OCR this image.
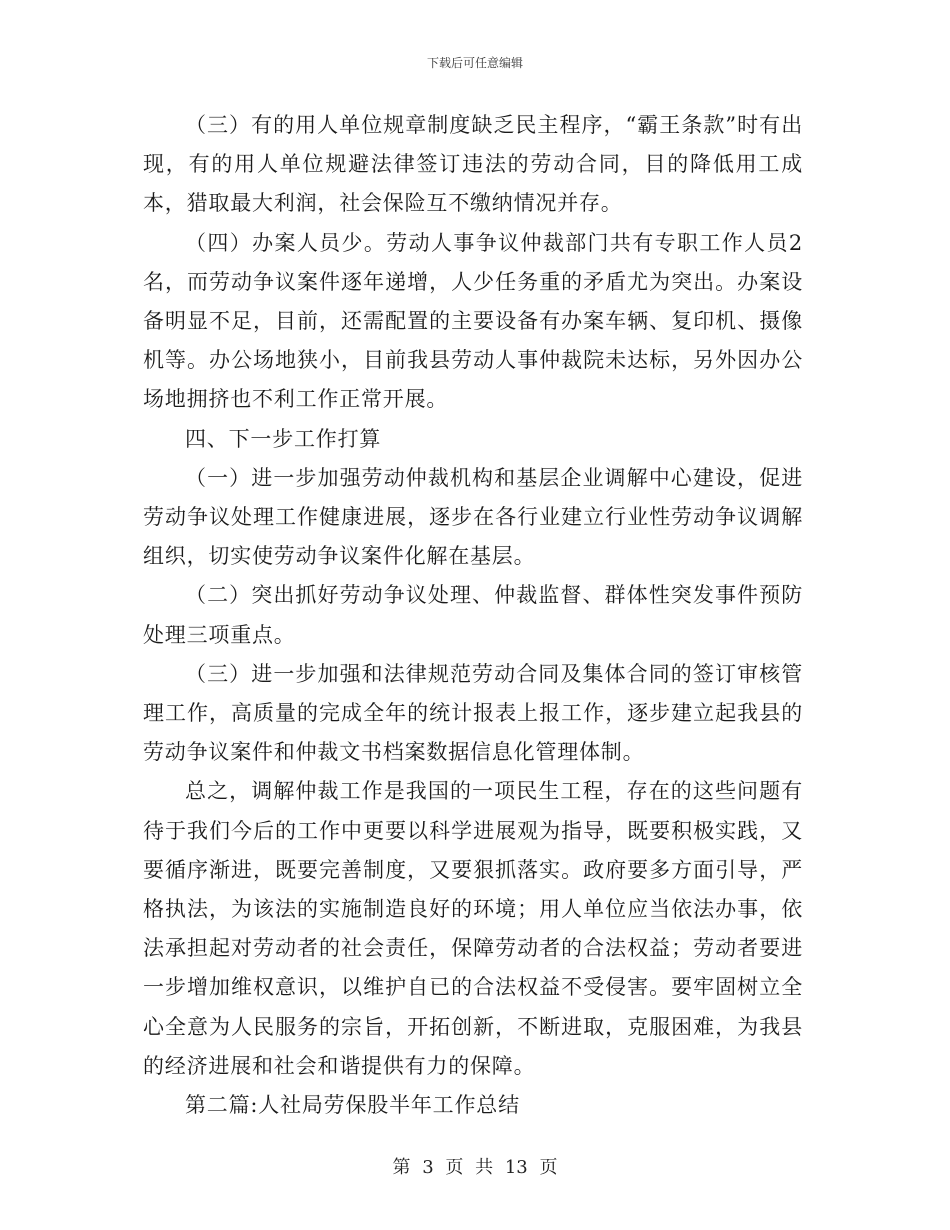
下载后可任意编辑

（三）有的用人单位规章制度缺乏民主程序，“霸王条款”时有出现，有的用人单位规避法律签订违法的劳动合同，目的降低用工成本，猎取最大利润，社会保险互不缴纳情况并存。

（四）办案人员少。劳动人事争议仲裁部门共有专职工作人员2名，而劳动争议案件逐年递增，人少任务重的矛盾尤为突出。办案设备明显不足，目前，还需配置的主要设备有办案车辆、复印机、摄像机等。办公场地狭小，目前我县劳动人事仲裁院未达标，另外因办公场地拥挤也不利工作正常开展。

四、下一步工作打算

（一）进一步加强劳动仲裁机构和基层企业调解中心建设，促进劳动争议处理工作健康进展，逐步在各行业建立行业性劳动争议调解组织，切实使劳动争议案件化解在基层。

（二）突出抓好劳动争议处理、仲裁监督、群体性突发事件预防处理三项重点。

（三）进一步加强和法律规范劳动合同及集体合同的签订审核管理工作，高质量的完成全年的统计报表上报工作，逐步建立起我县的劳动争议案件和仲裁文书档案数据信息化管理体制。

总之，调解仲裁工作是我国的一项民生工程，存在的这些问题有待于我们今后的工作中更要以科学进展观为指导，既要积极实践，又要循序渐进，既要完善制度，又要狠抓落实。政府要多方面引导，严格执法，为该法的实施制造良好的环境；用人单位应当依法办事，依法承担起对劳动者的社会责任，保障劳动者的合法权益；劳动者要进一步增加维权意识，以维护自已的合法权益不受侵害。要牢固树立全心全意为人民服务的宗旨，开拓创新，不断进取，克服困难，为我县的经济进展和社会和谐提供有力的保障。

第二篇:人社局劳保股半年工作总结

第 3 页 共 13 页
